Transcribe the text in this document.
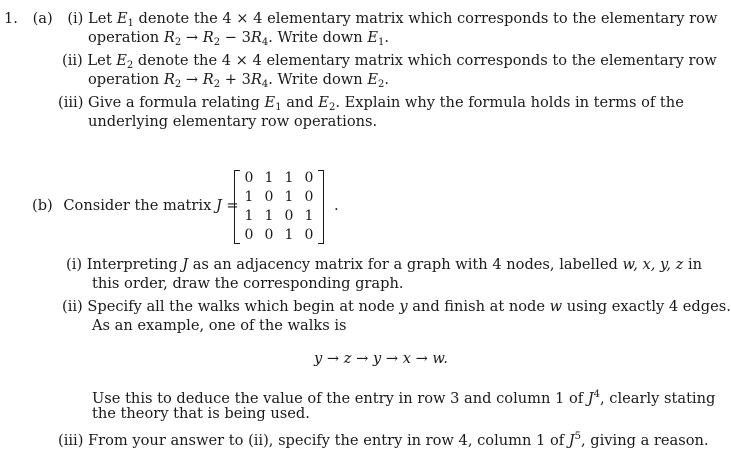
1. (a) (i) Let $E_1$ denote the 4 × 4 elementary matrix which corresponds to the elementary row
operation $R_2 \to R_2 - 3R_4$. Write down $E_1$.
(ii) Let $E_2$ denote the 4 × 4 elementary matrix which corresponds to the elementary row
operation $R_2 \to R_2 + 3R_4$. Write down $E_2$.
(iii) Give a formula relating $E_1$ and $E_2$. Explain why the formula holds in terms of the
underlying elementary row operations.
(b) Consider the matrix J =
0 1 1 0
1 0 1 0
1 1 0 1
0 0 1 0
.
(i) Interpreting J as an adjacency matrix for a graph with 4 nodes, labelled w, x, y, z in
this order, draw the corresponding graph.
(ii) Specify all the walks which begin at node y and finish at node w using exactly 4 edges.
As an example, one of the walks is
y → z → y → x → w.
Use this to deduce the value of the entry in row 3 and column 1 of $J^4$, clearly stating
the theory that is being used.
(iii) From your answer to (ii), specify the entry in row 4, column 1 of $J^5$, giving a reason.
